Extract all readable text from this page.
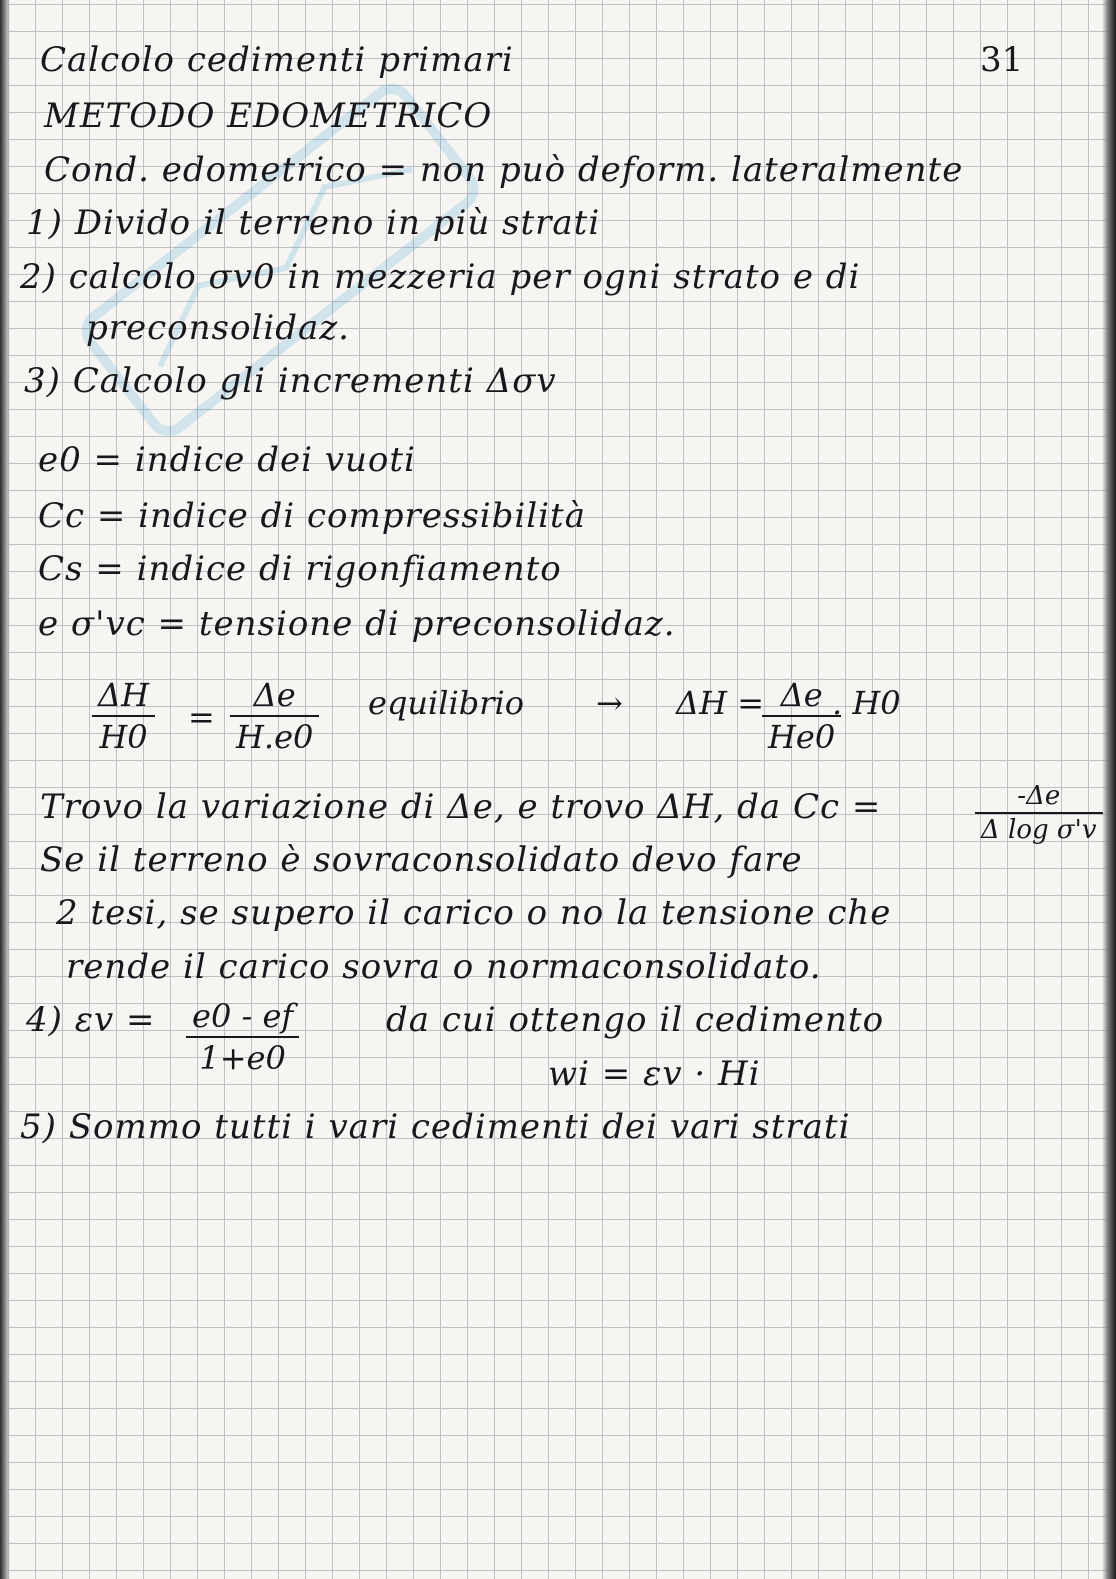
Calcolo cedimenti primari	31
METODO EDOMETRICO
Cond. edometrico = non può deform. lateralmente
1) Divido il terreno in più strati
2) calcolo σv0 in mezzeria per ogni strato e di
preconsolidaz.
3) Calcolo gli incrementi Δσv
e0 = indice dei vuoti
Cc = indice di compressibilità
Cs = indice di rigonfiamento
e σ'vc = tensione di preconsolidaz.
ΔH
H0
=
Δe
H.e0
equilibrio → ΔH = Δe
He0
. H0
Trovo la variazione di Δe, e trovo ΔH, da Cc =	-Δe
Δ log σ'v
Se il terreno è sovraconsolidato devo fare
2 tesi, se supero il carico o no la tensione che
rende il carico sovra o normaconsolidato.
4) εv = e0 - ef
1+e0
da cui ottengo il cedimento
wi = εv · Hi
5) Sommo tutti i vari cedimenti dei vari strati
